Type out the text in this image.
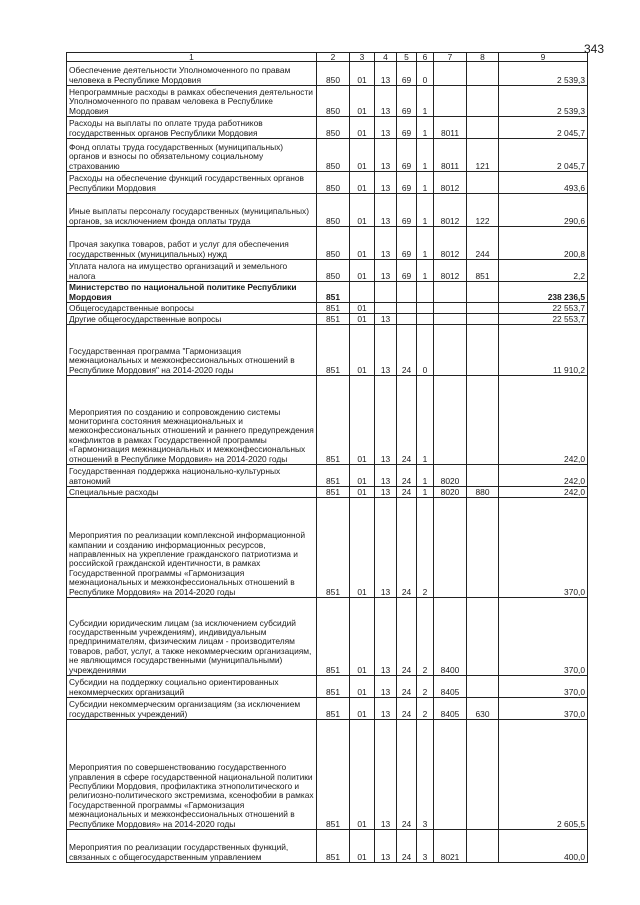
343
1	2	3	4	5	6	7	8	9
Обеспечение деятельности Уполномоченного по правам человека в Республике Мордовия	850	01	13	69	0			2 539,3
Непрограммные расходы в рамках обеспечения деятельности Уполномоченного по правам человека в Республике Мордовия	850	01	13	69	1			2 539,3
Расходы на выплаты по оплате труда работников государственных органов Республики Мордовия	850	01	13	69	1	8011		2 045,7
Фонд оплаты труда государственных (муниципальных) органов и взносы по обязательному социальному страхованию	850	01	13	69	1	8011	121	2 045,7
Расходы на обеспечение функций государственных органов Республики Мордовия	850	01	13	69	1	8012		493,6
Иные выплаты персоналу государственных (муниципальных) органов, за исключением фонда оплаты труда	850	01	13	69	1	8012	122	290,6
Прочая закупка товаров, работ и услуг для обеспечения государственных (муниципальных) нужд	850	01	13	69	1	8012	244	200,8
Уплата налога на имущество организаций и земельного налога	850	01	13	69	1	8012	851	2,2
Министерство по национальной политике Республики Мордовия	851							238 236,5
Общегосударственные вопросы	851	01						22 553,7
Другие общегосударственные вопросы	851	01	13					22 553,7
Государственная программа "Гармонизация межнациональных и межконфессиональных отношений в Республике Мордовия" на 2014-2020 годы	851	01	13	24	0			11 910,2
Мероприятия по созданию и сопровождению системы мониторинга состояния межнациональных и межконфессиональных отношений и раннего предупреждения конфликтов в рамках Государственной программы «Гармонизация межнациональных и межконфессиональных отношений в Республике Мордовия» на 2014-2020 годы	851	01	13	24	1			242,0
Государственная поддержка национально-культурных автономий	851	01	13	24	1	8020		242,0
Специальные расходы	851	01	13	24	1	8020	880	242,0
Мероприятия по реализации комплексной информационной кампании и созданию информационных ресурсов, направленных на укрепление гражданского патриотизма и российской гражданской идентичности, в рамках Государственной программы «Гармонизация межнациональных и межконфессиональных отношений в Республике Мордовия» на 2014-2020 годы	851	01	13	24	2			370,0
Субсидии юридическим лицам (за исключением субсидий государственным учреждениям), индивидуальным предпринимателям, физическим лицам - производителям товаров, работ, услуг, а также некоммерческим организациям, не являющимся государственными (муниципальными) учреждениями	851	01	13	24	2	8400		370,0
Субсидии на поддержку социально ориентированных некоммерческих организаций	851	01	13	24	2	8405		370,0
Субсидии некоммерческим организациям (за исключением государственных учреждений)	851	01	13	24	2	8405	630	370,0
Мероприятия по совершенствованию государственного управления в сфере государственной национальной политики Республики Мордовия, профилактика этнополитического и религиозно-политического экстремизма, ксенофобии в рамках Государственной программы «Гармонизация межнациональных и межконфессиональных отношений в Республике Мордовия» на 2014-2020 годы	851	01	13	24	3			2 605,5
Мероприятия по реализации государственных функций, связанных с общегосударственным управлением	851	01	13	24	3	8021		400,0
